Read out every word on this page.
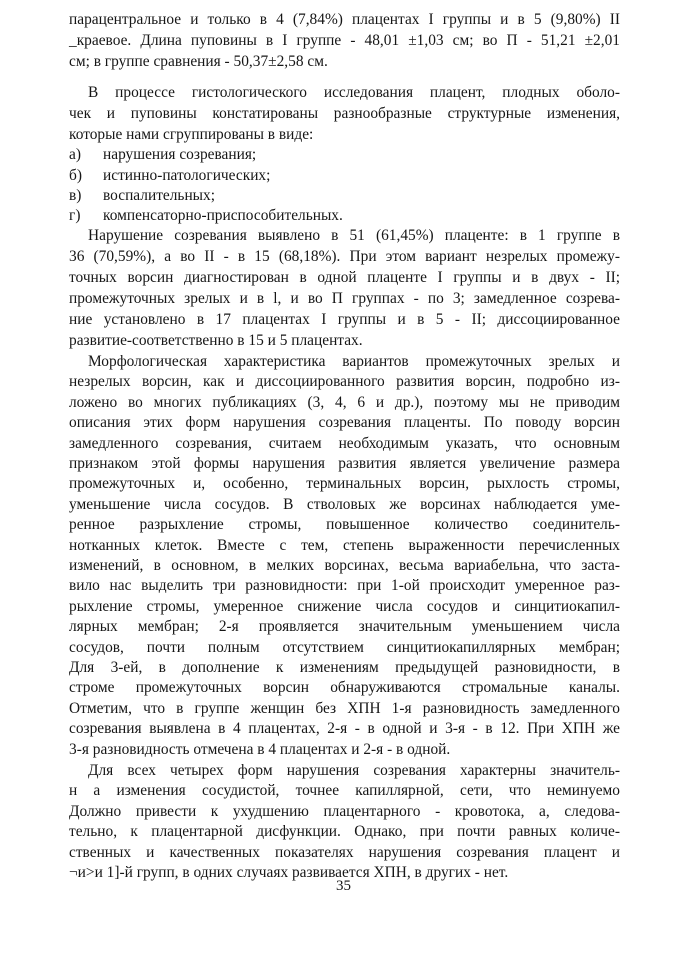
парацентральное и только в 4 (7,84%) плацентах I группы и в 5 (9,80%) II
_краевое. Длина пуповины в I группе - 48,01 ±1,03 см; во П - 51,21 ±2,01
см; в группе сравнения - 50,37±2,58 см.
В процессе гистологического исследования плацент, плодных оболо-
чек и пуповины констатированы разнообразные структурные изменения,
которые нами сгруппированы в виде:
а) нарушения созревания;
б) истинно-патологических;
в) воспалительных;
г) компенсаторно-приспособительных.
Нарушение созревания выявлено в 51 (61,45%) плаценте: в 1 группе в
36 (70,59%), а во II - в 15 (68,18%). При этом вариант незрелых промежу-
точных ворсин диагностирован в одной плаценте I группы и в двух - II;
промежуточных зрелых и в l, и во П группах - по 3; замедленное созрева-
ние установлено в 17 плацентах I группы и в 5 - II; диссоциированное
развитие-соответственно в 15 и 5 плацентах.
Морфологическая характеристика вариантов промежуточных зрелых и
незрелых ворсин, как и диссоциированного развития ворсин, подробно из-
ложено во многих публикациях (3, 4, 6 и др.), поэтому мы не приводим
описания этих форм нарушения созревания плаценты. По поводу ворсин
замедленного созревания, считаем необходимым указать, что основным
признаком этой формы нарушения развития является увеличение размера
промежуточных и, особенно, терминальных ворсин, рыхлость стромы,
уменьшение числа сосудов. В стволовых же ворсинах наблюдается уме-
ренное разрыхление стромы, повышенное количество соединитель-
нотканных клеток. Вместе с тем, степень выраженности перечисленных
изменений, в основном, в мелких ворсинах, весьма вариабельна, что заста-
вило нас выделить три разновидности: при 1-ой происходит умеренное раз-
рыхление стромы, умеренное снижение числа сосудов и синцитиокапил-
лярных мембран; 2-я проявляется значительным уменьшением числа
сосудов, почти полным отсутствием синцитиокапиллярных мембран;
Для 3-ей, в дополнение к изменениям предыдущей разновидности, в
строме промежуточных ворсин обнаруживаются стромальные каналы.
Отметим, что в группе женщин без ХПН 1-я разновидность замедленного
созревания выявлена в 4 плацентах, 2-я - в одной и 3-я - в 12. При ХПН же
3-я разновидность отмечена в 4 плацентах и 2-я - в одной.
Для всех четырех форм нарушения созревания характерны значитель-
н а изменения сосудистой, точнее капиллярной, сети, что неминуемо
Должно привести к ухудшению плацентарного - кровотока, а, следова-
тельно, к плацентарной дисфункции. Однако, при почти равных количе-
ственных и качественных показателях нарушения созревания плацент и
¬и>и 1]-й групп, в одних случаях развивается ХПН, в других - нет.
35
